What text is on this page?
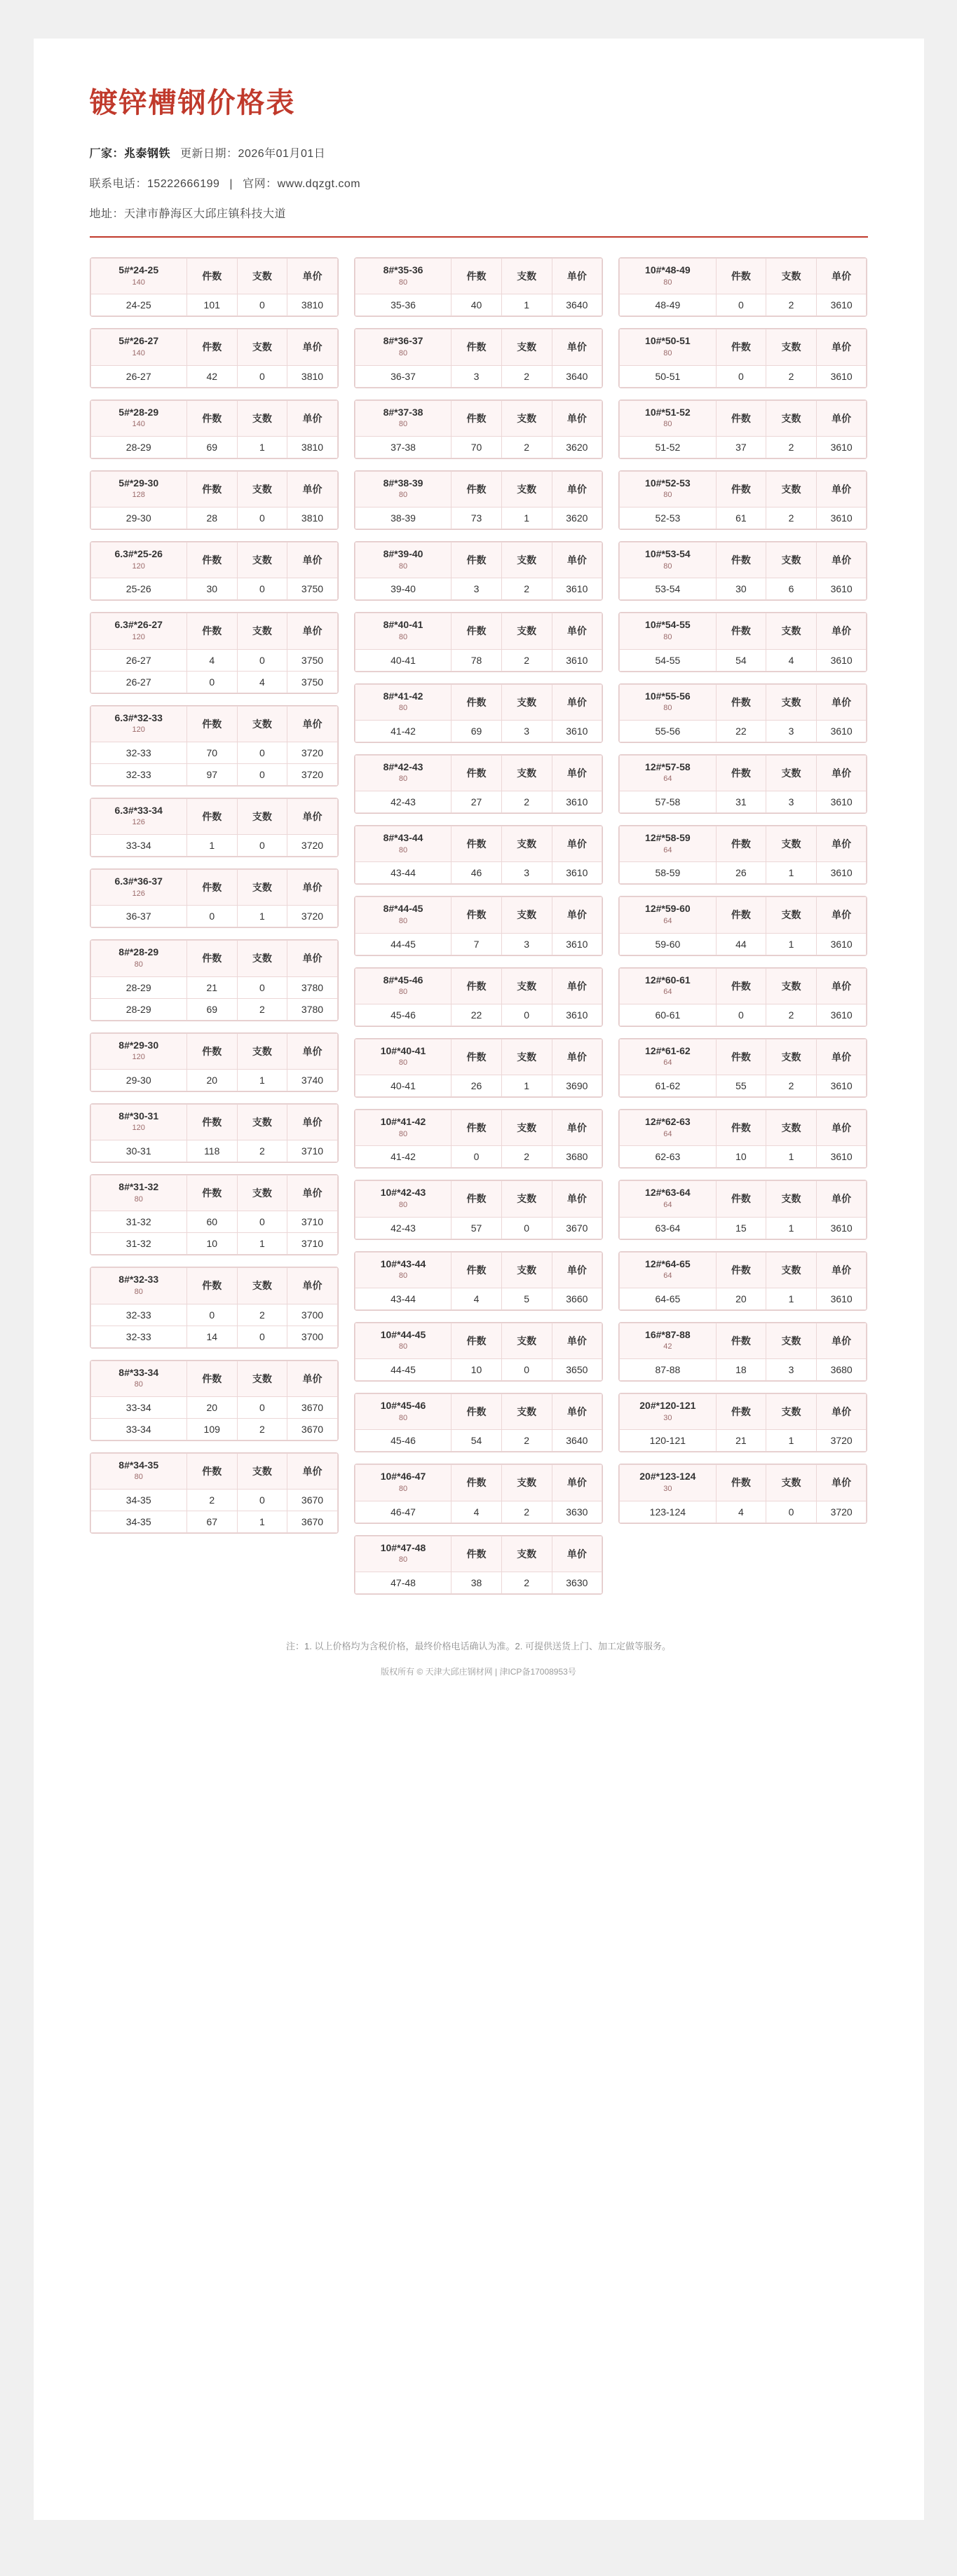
镀锌槽钢价格表
厂家：兆泰钢铁 更新日期：2026年01月01日
联系电话：15222666199 | 官网：www.dqzgt.com
地址：天津市静海区大邱庄镇科技大道
5#*24-25
140	件数	支数	单价
24-25	101	0	3810
5#*26-27
140	件数	支数	单价
26-27	42	0	3810
5#*28-29
140	件数	支数	单价
28-29	69	1	3810
5#*29-30
128	件数	支数	单价
29-30	28	0	3810
6.3#*25-26
120	件数	支数	单价
25-26	30	0	3750
6.3#*26-27
120	件数	支数	单价
26-27	4	0	3750
26-27	0	4	3750
6.3#*32-33
120	件数	支数	单价
32-33	70	0	3720
32-33	97	0	3720
6.3#*33-34
126	件数	支数	单价
33-34	1	0	3720
6.3#*36-37
126	件数	支数	单价
36-37	0	1	3720
8#*28-29
80	件数	支数	单价
28-29	21	0	3780
28-29	69	2	3780
8#*29-30
120	件数	支数	单价
29-30	20	1	3740
8#*30-31
120	件数	支数	单价
30-31	118	2	3710
8#*31-32
80	件数	支数	单价
31-32	60	0	3710
31-32	10	1	3710
8#*32-33
80	件数	支数	单价
32-33	0	2	3700
32-33	14	0	3700
8#*33-34
80	件数	支数	单价
33-34	20	0	3670
33-34	109	2	3670
8#*34-35
80	件数	支数	单价
34-35	2	0	3670
34-35	67	1	3670
8#*35-36
80	件数	支数	单价
35-36	40	1	3640
8#*36-37
80	件数	支数	单价
36-37	3	2	3640
8#*37-38
80	件数	支数	单价
37-38	70	2	3620
8#*38-39
80	件数	支数	单价
38-39	73	1	3620
8#*39-40
80	件数	支数	单价
39-40	3	2	3610
8#*40-41
80	件数	支数	单价
40-41	78	2	3610
8#*41-42
80	件数	支数	单价
41-42	69	3	3610
8#*42-43
80	件数	支数	单价
42-43	27	2	3610
8#*43-44
80	件数	支数	单价
43-44	46	3	3610
8#*44-45
80	件数	支数	单价
44-45	7	3	3610
8#*45-46
80	件数	支数	单价
45-46	22	0	3610
10#*40-41
80	件数	支数	单价
40-41	26	1	3690
10#*41-42
80	件数	支数	单价
41-42	0	2	3680
10#*42-43
80	件数	支数	单价
42-43	57	0	3670
10#*43-44
80	件数	支数	单价
43-44	4	5	3660
10#*44-45
80	件数	支数	单价
44-45	10	0	3650
10#*45-46
80	件数	支数	单价
45-46	54	2	3640
10#*46-47
80	件数	支数	单价
46-47	4	2	3630
10#*47-48
80	件数	支数	单价
47-48	38	2	3630
10#*48-49
80	件数	支数	单价
48-49	0	2	3610
10#*50-51
80	件数	支数	单价
50-51	0	2	3610
10#*51-52
80	件数	支数	单价
51-52	37	2	3610
10#*52-53
80	件数	支数	单价
52-53	61	2	3610
10#*53-54
80	件数	支数	单价
53-54	30	6	3610
10#*54-55
80	件数	支数	单价
54-55	54	4	3610
10#*55-56
80	件数	支数	单价
55-56	22	3	3610
12#*57-58
64	件数	支数	单价
57-58	31	3	3610
12#*58-59
64	件数	支数	单价
58-59	26	1	3610
12#*59-60
64	件数	支数	单价
59-60	44	1	3610
12#*60-61
64	件数	支数	单价
60-61	0	2	3610
12#*61-62
64	件数	支数	单价
61-62	55	2	3610
12#*62-63
64	件数	支数	单价
62-63	10	1	3610
12#*63-64
64	件数	支数	单价
63-64	15	1	3610
12#*64-65
64	件数	支数	单价
64-65	20	1	3610
16#*87-88
42	件数	支数	单价
87-88	18	3	3680
20#*120-121
30	件数	支数	单价
120-121	21	1	3720
20#*123-124
30	件数	支数	单价
123-124	4	0	3720
注：1. 以上价格均为含税价格，最终价格电话确认为准。2. 可提供送货上门、加工定做等服务。
版权所有 © 天津大邱庄钢材网 | 津ICP备17008953号
